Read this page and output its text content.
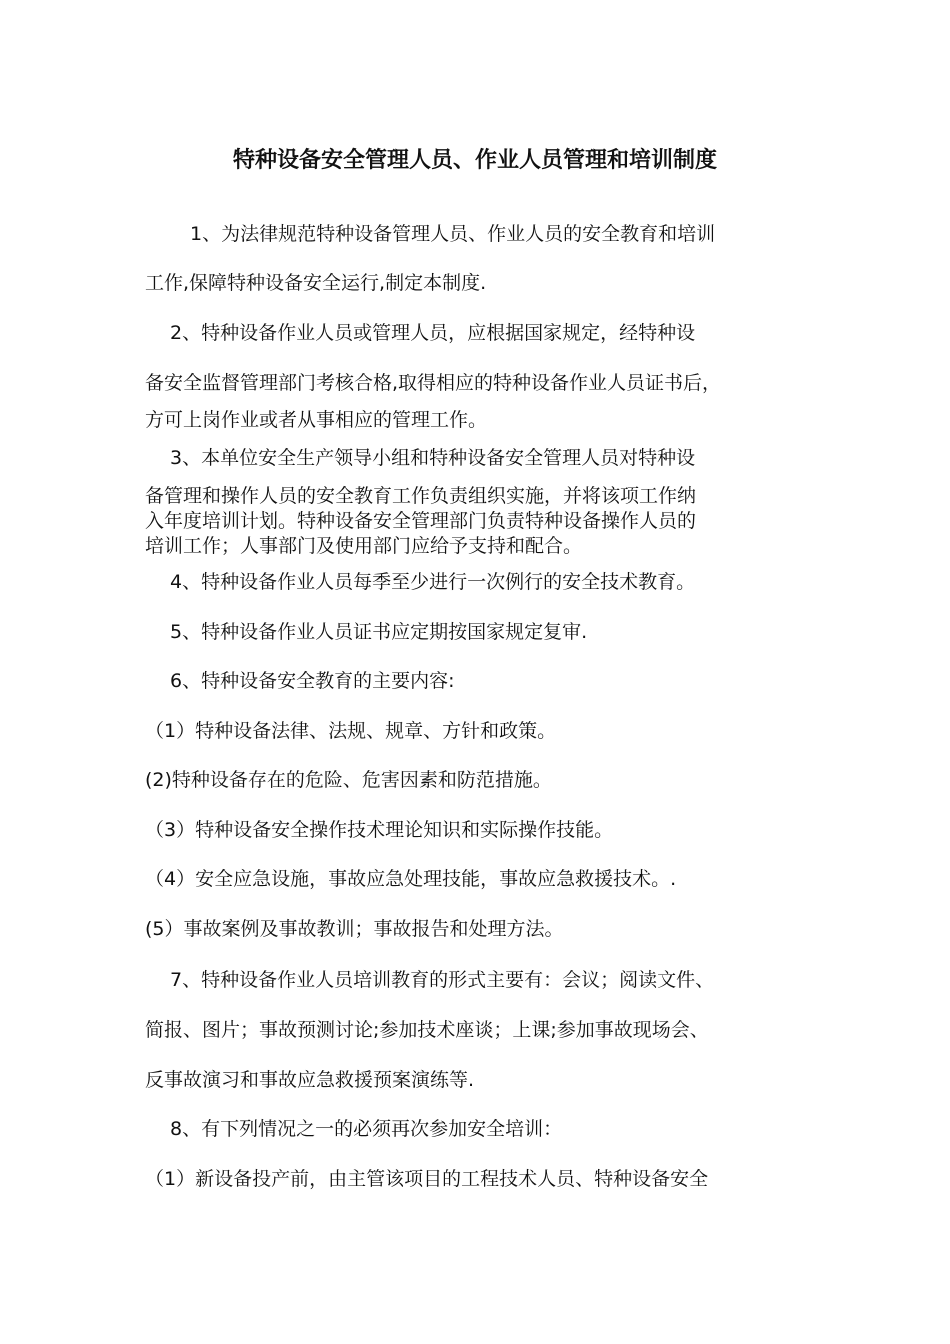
特种设备安全管理人员、作业人员管理和培训制度
1、为法律规范特种设备管理人员、作业人员的安全教育和培训
工作,保障特种设备安全运行,制定本制度.
2、特种设备作业人员或管理人员，应根据国家规定，经特种设
备安全监督管理部门考核合格,取得相应的特种设备作业人员证书后，
方可上岗作业或者从事相应的管理工作。
3、本单位安全生产领导小组和特种设备安全管理人员对特种设
备管理和操作人员的安全教育工作负责组织实施，并将该项工作纳
入年度培训计划。特种设备安全管理部门负责特种设备操作人员的
培训工作；人事部门及使用部门应给予支持和配合。
4、特种设备作业人员每季至少进行一次例行的安全技术教育。
5、特种设备作业人员证书应定期按国家规定复审.
6、特种设备安全教育的主要内容:
（1）特种设备法律、法规、规章、方针和政策。
(2)特种设备存在的危险、危害因素和防范措施。
（3）特种设备安全操作技术理论知识和实际操作技能。
（4）安全应急设施，事故应急处理技能，事故应急救援技术。.
(5）事故案例及事故教训；事故报告和处理方法。
7、特种设备作业人员培训教育的形式主要有：会议；阅读文件、
简报、图片；事故预测讨论;参加技术座谈；上课;参加事故现场会、
反事故演习和事故应急救援预案演练等.
8、有下列情况之一的必须再次参加安全培训：
（1）新设备投产前，由主管该项目的工程技术人员、特种设备安全
